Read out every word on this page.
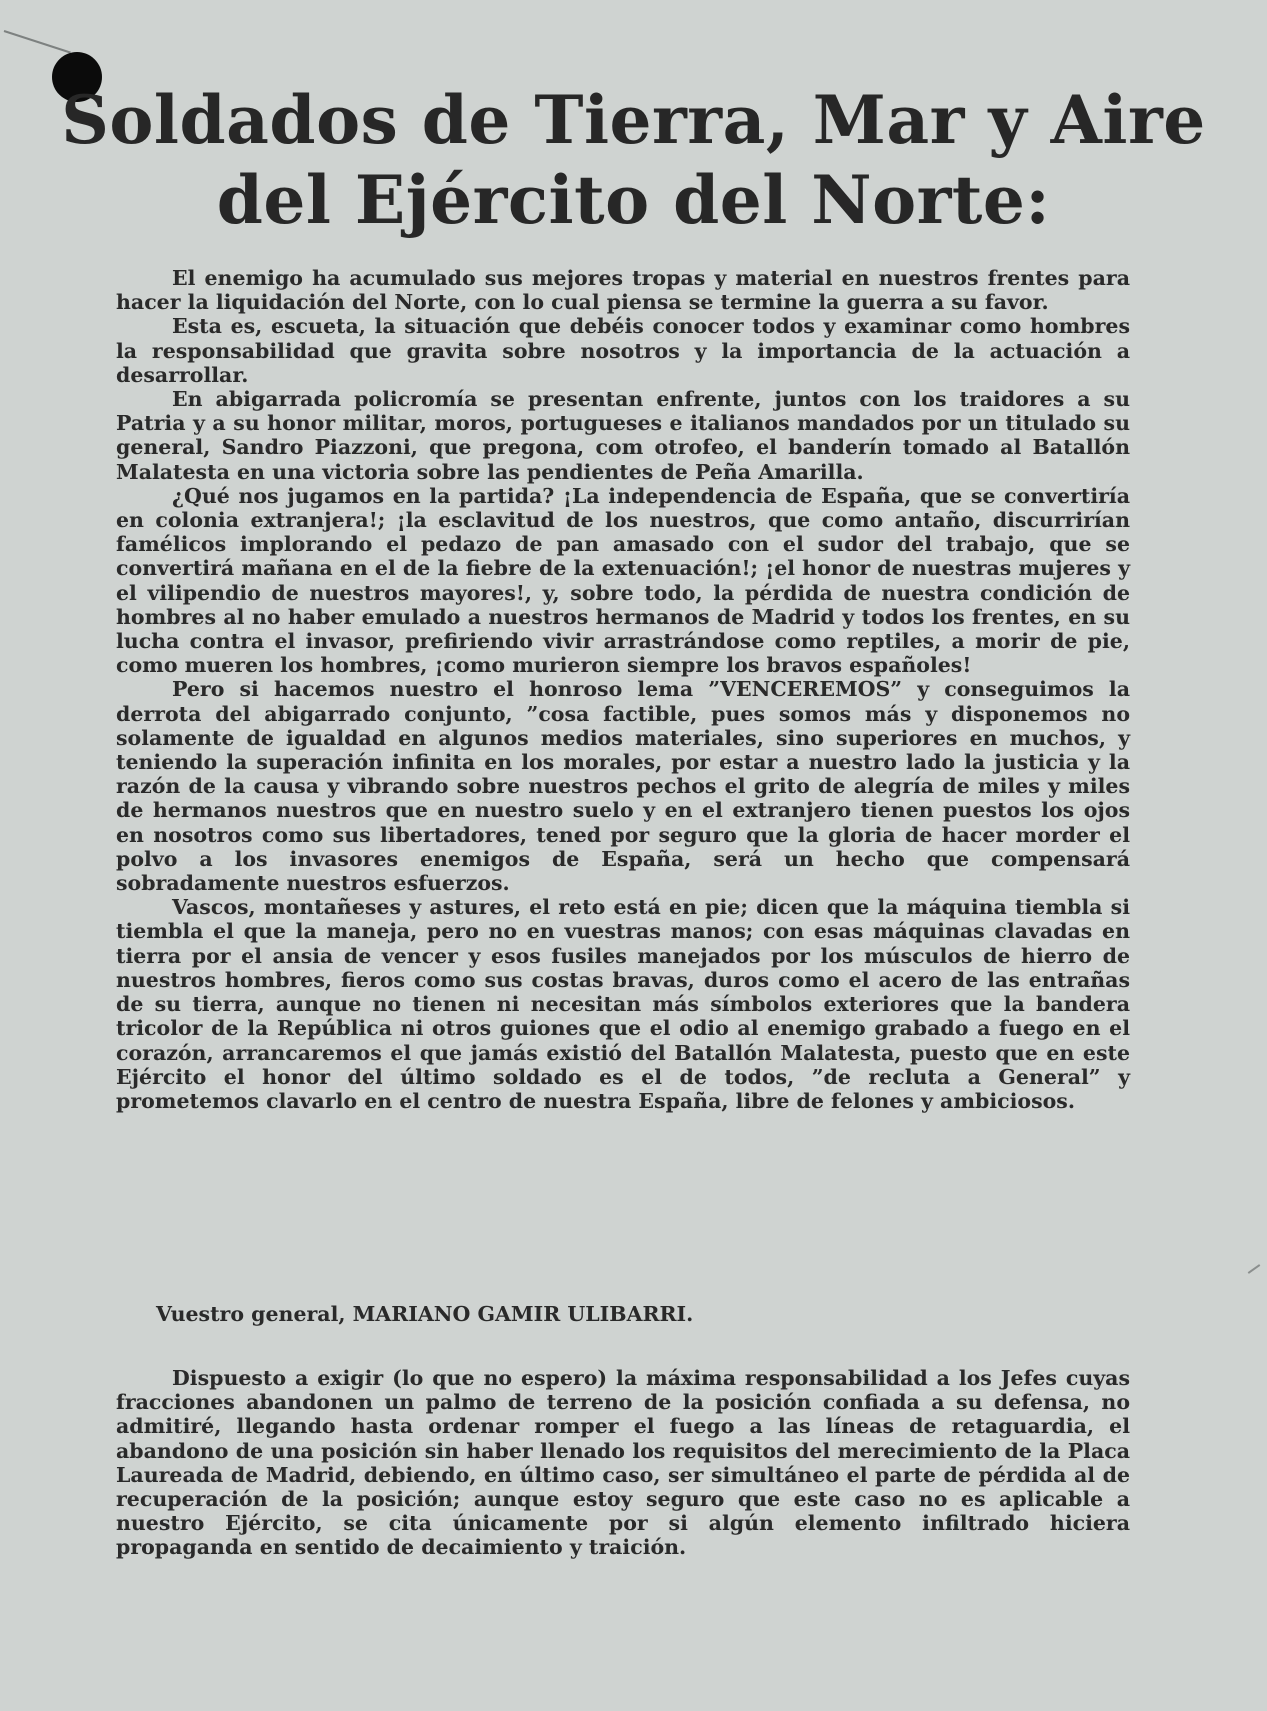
Soldados de Tierra, Mar y Aire
del Ejército del Norte:

El enemigo ha acumulado sus mejores tropas y material en nuestros frentes para hacer la liquidación del Norte, con lo cual piensa se termine la guerra a su favor.

Esta es, escueta, la situación que debéis conocer todos y examinar como hombres la responsabilidad que gravita sobre nosotros y la importancia de la actuación a desarrollar.

En abigarrada policromía se presentan enfrente, juntos con los traidores a su Patria y a su honor militar, moros, portugueses e italianos mandados por un titulado su general, Sandro Piazzoni, que pregona, com otrofeo, el banderín tomado al Batallón Malatesta en una victoria sobre las pendientes de Peña Amarilla.

¿Qué nos jugamos en la partida? ¡La independencia de España, que se convertiría en colonia extranjera!; ¡la esclavitud de los nuestros, que como antaño, discurrirían famélicos implorando el pedazo de pan amasado con el sudor del trabajo, que se convertirá mañana en el de la fiebre de la extenuación!; ¡el honor de nuestras mujeres y el vilipendio de nuestros mayores!, y, sobre todo, la pérdida de nuestra condición de hombres al no haber emulado a nuestros hermanos de Madrid y todos los frentes, en su lucha contra el invasor, prefiriendo vivir arrastrándose como reptiles, a morir de pie, como mueren los hombres, ¡como murieron siempre los bravos españoles!

Pero si hacemos nuestro el honroso lema ”VENCEREMOS” y conseguimos la derrota del abigarrado conjunto, ”cosa factible, pues somos más y disponemos no solamente de igualdad en algunos medios materiales, sino superiores en muchos, y teniendo la superación infinita en los morales, por estar a nuestro lado la justicia y la razón de la causa y vibrando sobre nuestros pechos el grito de alegría de miles y miles de hermanos nuestros que en nuestro suelo y en el extranjero tienen puestos los ojos en nosotros como sus libertadores, tened por seguro que la gloria de hacer morder el polvo a los invasores enemigos de España, será un hecho que compensará sobradamente nuestros esfuerzos.

Vascos, montañeses y astures, el reto está en pie; dicen que la máquina tiembla si tiembla el que la maneja, pero no en vuestras manos; con esas máquinas clavadas en tierra por el ansia de vencer y esos fusiles manejados por los músculos de hierro de nuestros hombres, fieros como sus costas bravas, duros como el acero de las entrañas de su tierra, aunque no tienen ni necesitan más símbolos exteriores que la bandera tricolor de la República ni otros guiones que el odio al enemigo grabado a fuego en el corazón, arrancaremos el que jamás existió del Batallón Malatesta, puesto que en este Ejército el honor del último soldado es el de todos, ”de recluta a General” y prometemos clavarlo en el centro de nuestra España, libre de felones y ambiciosos.

Vuestro general, MARIANO GAMIR ULIBARRI.

Dispuesto a exigir (lo que no espero) la máxima responsabilidad a los Jefes cuyas fracciones abandonen un palmo de terreno de la posición confiada a su defensa, no admitiré, llegando hasta ordenar romper el fuego a las líneas de retaguardia, el abandono de una posición sin haber llenado los requisitos del merecimiento de la Placa Laureada de Madrid, debiendo, en último caso, ser simultáneo el parte de pérdida al de recuperación de la posición; aunque estoy seguro que este caso no es aplicable a nuestro Ejército, se cita únicamente por si algún elemento infiltrado hiciera propaganda en sentido de decaimiento y traición.
